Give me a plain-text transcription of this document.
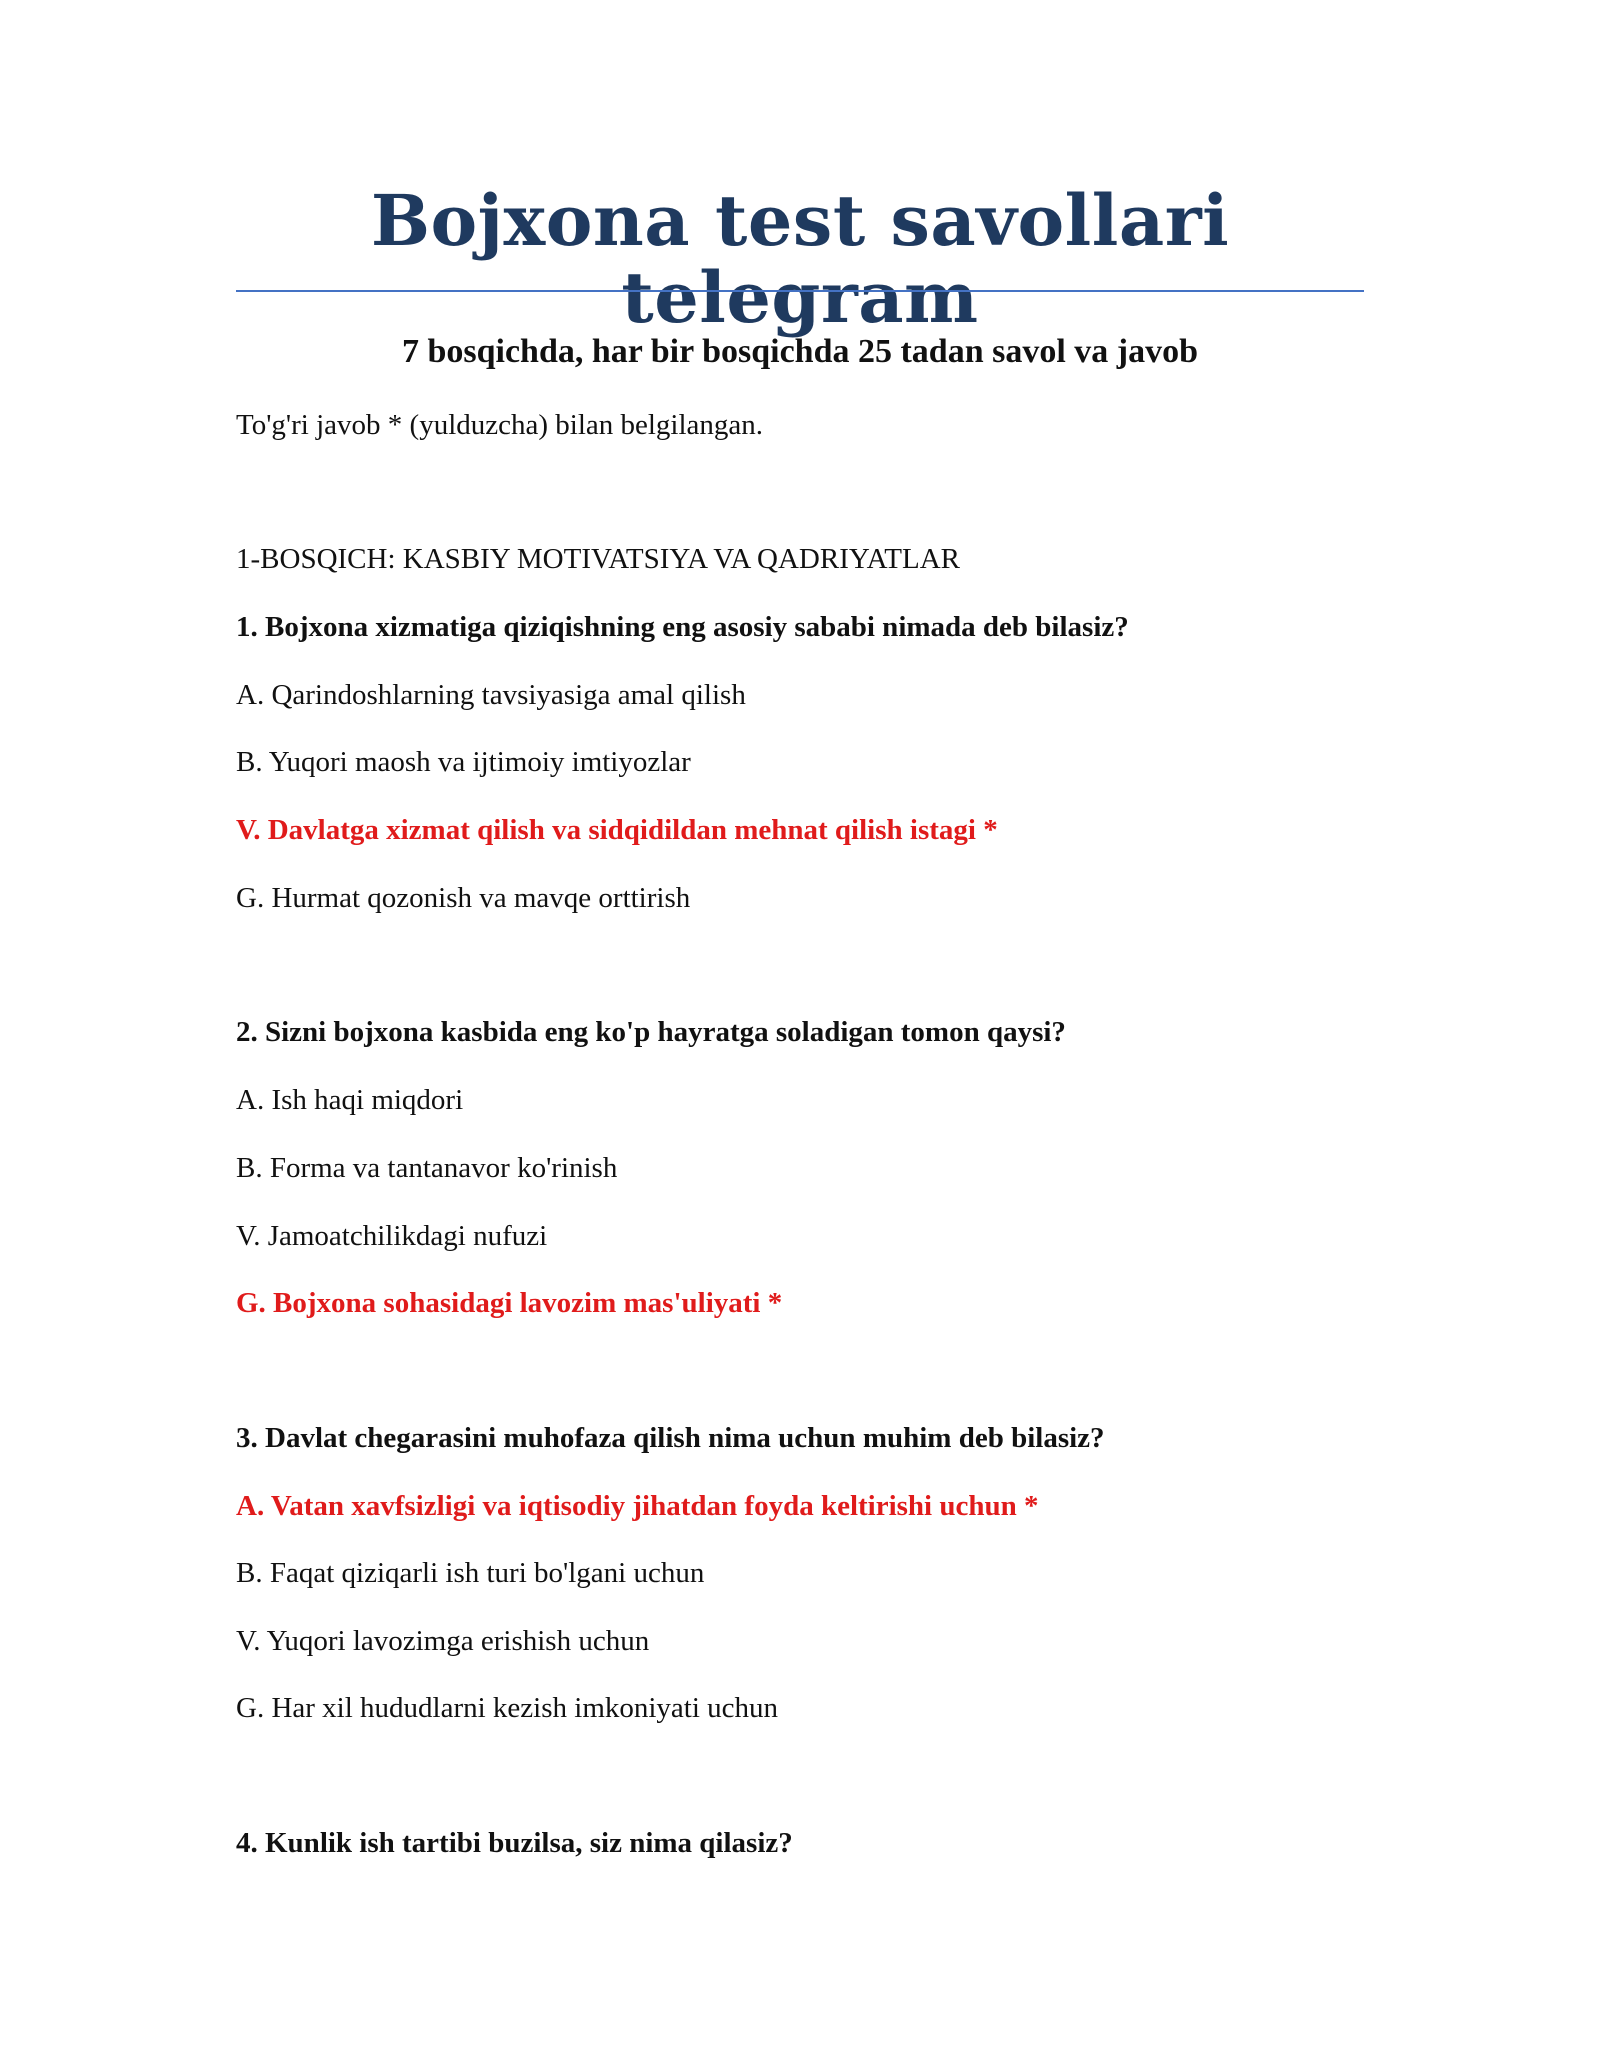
Bojxona test savollari telegram
7 bosqichda, har bir bosqichda 25 tadan savol va javob
To'g'ri javob * (yulduzcha) bilan belgilangan.
1-BOSQICH: KASBIY MOTIVATSIYA VA QADRIYATLAR
1. Bojxona xizmatiga qiziqishning eng asosiy sababi nimada deb bilasiz?
A. Qarindoshlarning tavsiyasiga amal qilish
B. Yuqori maosh va ijtimoiy imtiyozlar
V. Davlatga xizmat qilish va sidqidildan mehnat qilish istagi *
G. Hurmat qozonish va mavqe orttirish
2. Sizni bojxona kasbida eng ko'p hayratga soladigan tomon qaysi?
A. Ish haqi miqdori
B. Forma va tantanavor ko'rinish
V. Jamoatchilikdagi nufuzi
G. Bojxona sohasidagi lavozim mas'uliyati *
3. Davlat chegarasini muhofaza qilish nima uchun muhim deb bilasiz?
A. Vatan xavfsizligi va iqtisodiy jihatdan foyda keltirishi uchun *
B. Faqat qiziqarli ish turi bo'lgani uchun
V. Yuqori lavozimga erishish uchun
G. Har xil hududlarni kezish imkoniyati uchun
4. Kunlik ish tartibi buzilsa, siz nima qilasiz?
